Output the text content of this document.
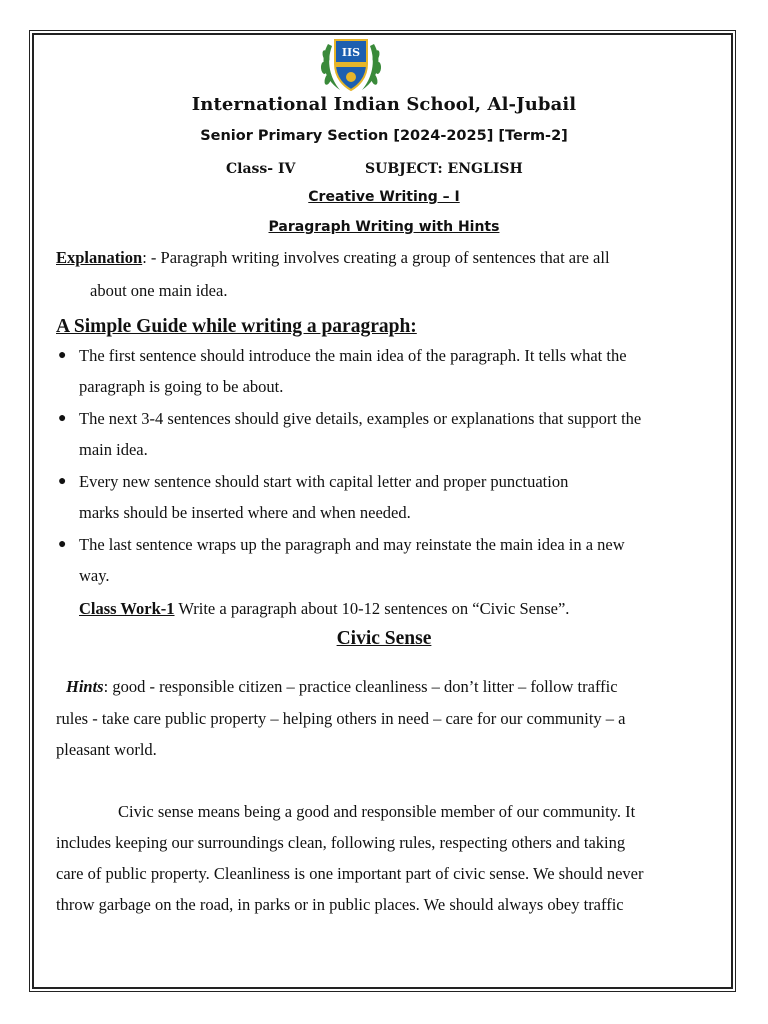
IIS
International Indian School, Al-Jubail
Senior Primary Section [2024-2025] [Term-2]
Class- IV	SUBJECT: ENGLISH
Creative Writing – I
Paragraph Writing with Hints
Explanation: - Paragraph writing involves creating a group of sentences that are all
about one main idea.
A Simple Guide while writing a paragraph:
● The first sentence should introduce the main idea of the paragraph. It tells what the
paragraph is going to be about.
● The next 3-4 sentences should give details, examples or explanations that support the
main idea.
● Every new sentence should start with capital letter and proper punctuation
marks should be inserted where and when needed.
● The last sentence wraps up the paragraph and may reinstate the main idea in a new
way.
Class Work-1 Write a paragraph about 10-12 sentences on “Civic Sense”.
Civic Sense
Hints: good - responsible citizen – practice cleanliness – don’t litter – follow traffic
rules - take care public property – helping others in need – care for our community – a
pleasant world.
Civic sense means being a good and responsible member of our community. It
includes keeping our surroundings clean, following rules, respecting others and taking
care of public property. Cleanliness is one important part of civic sense. We should never
throw garbage on the road, in parks or in public places. We should always obey traffic
